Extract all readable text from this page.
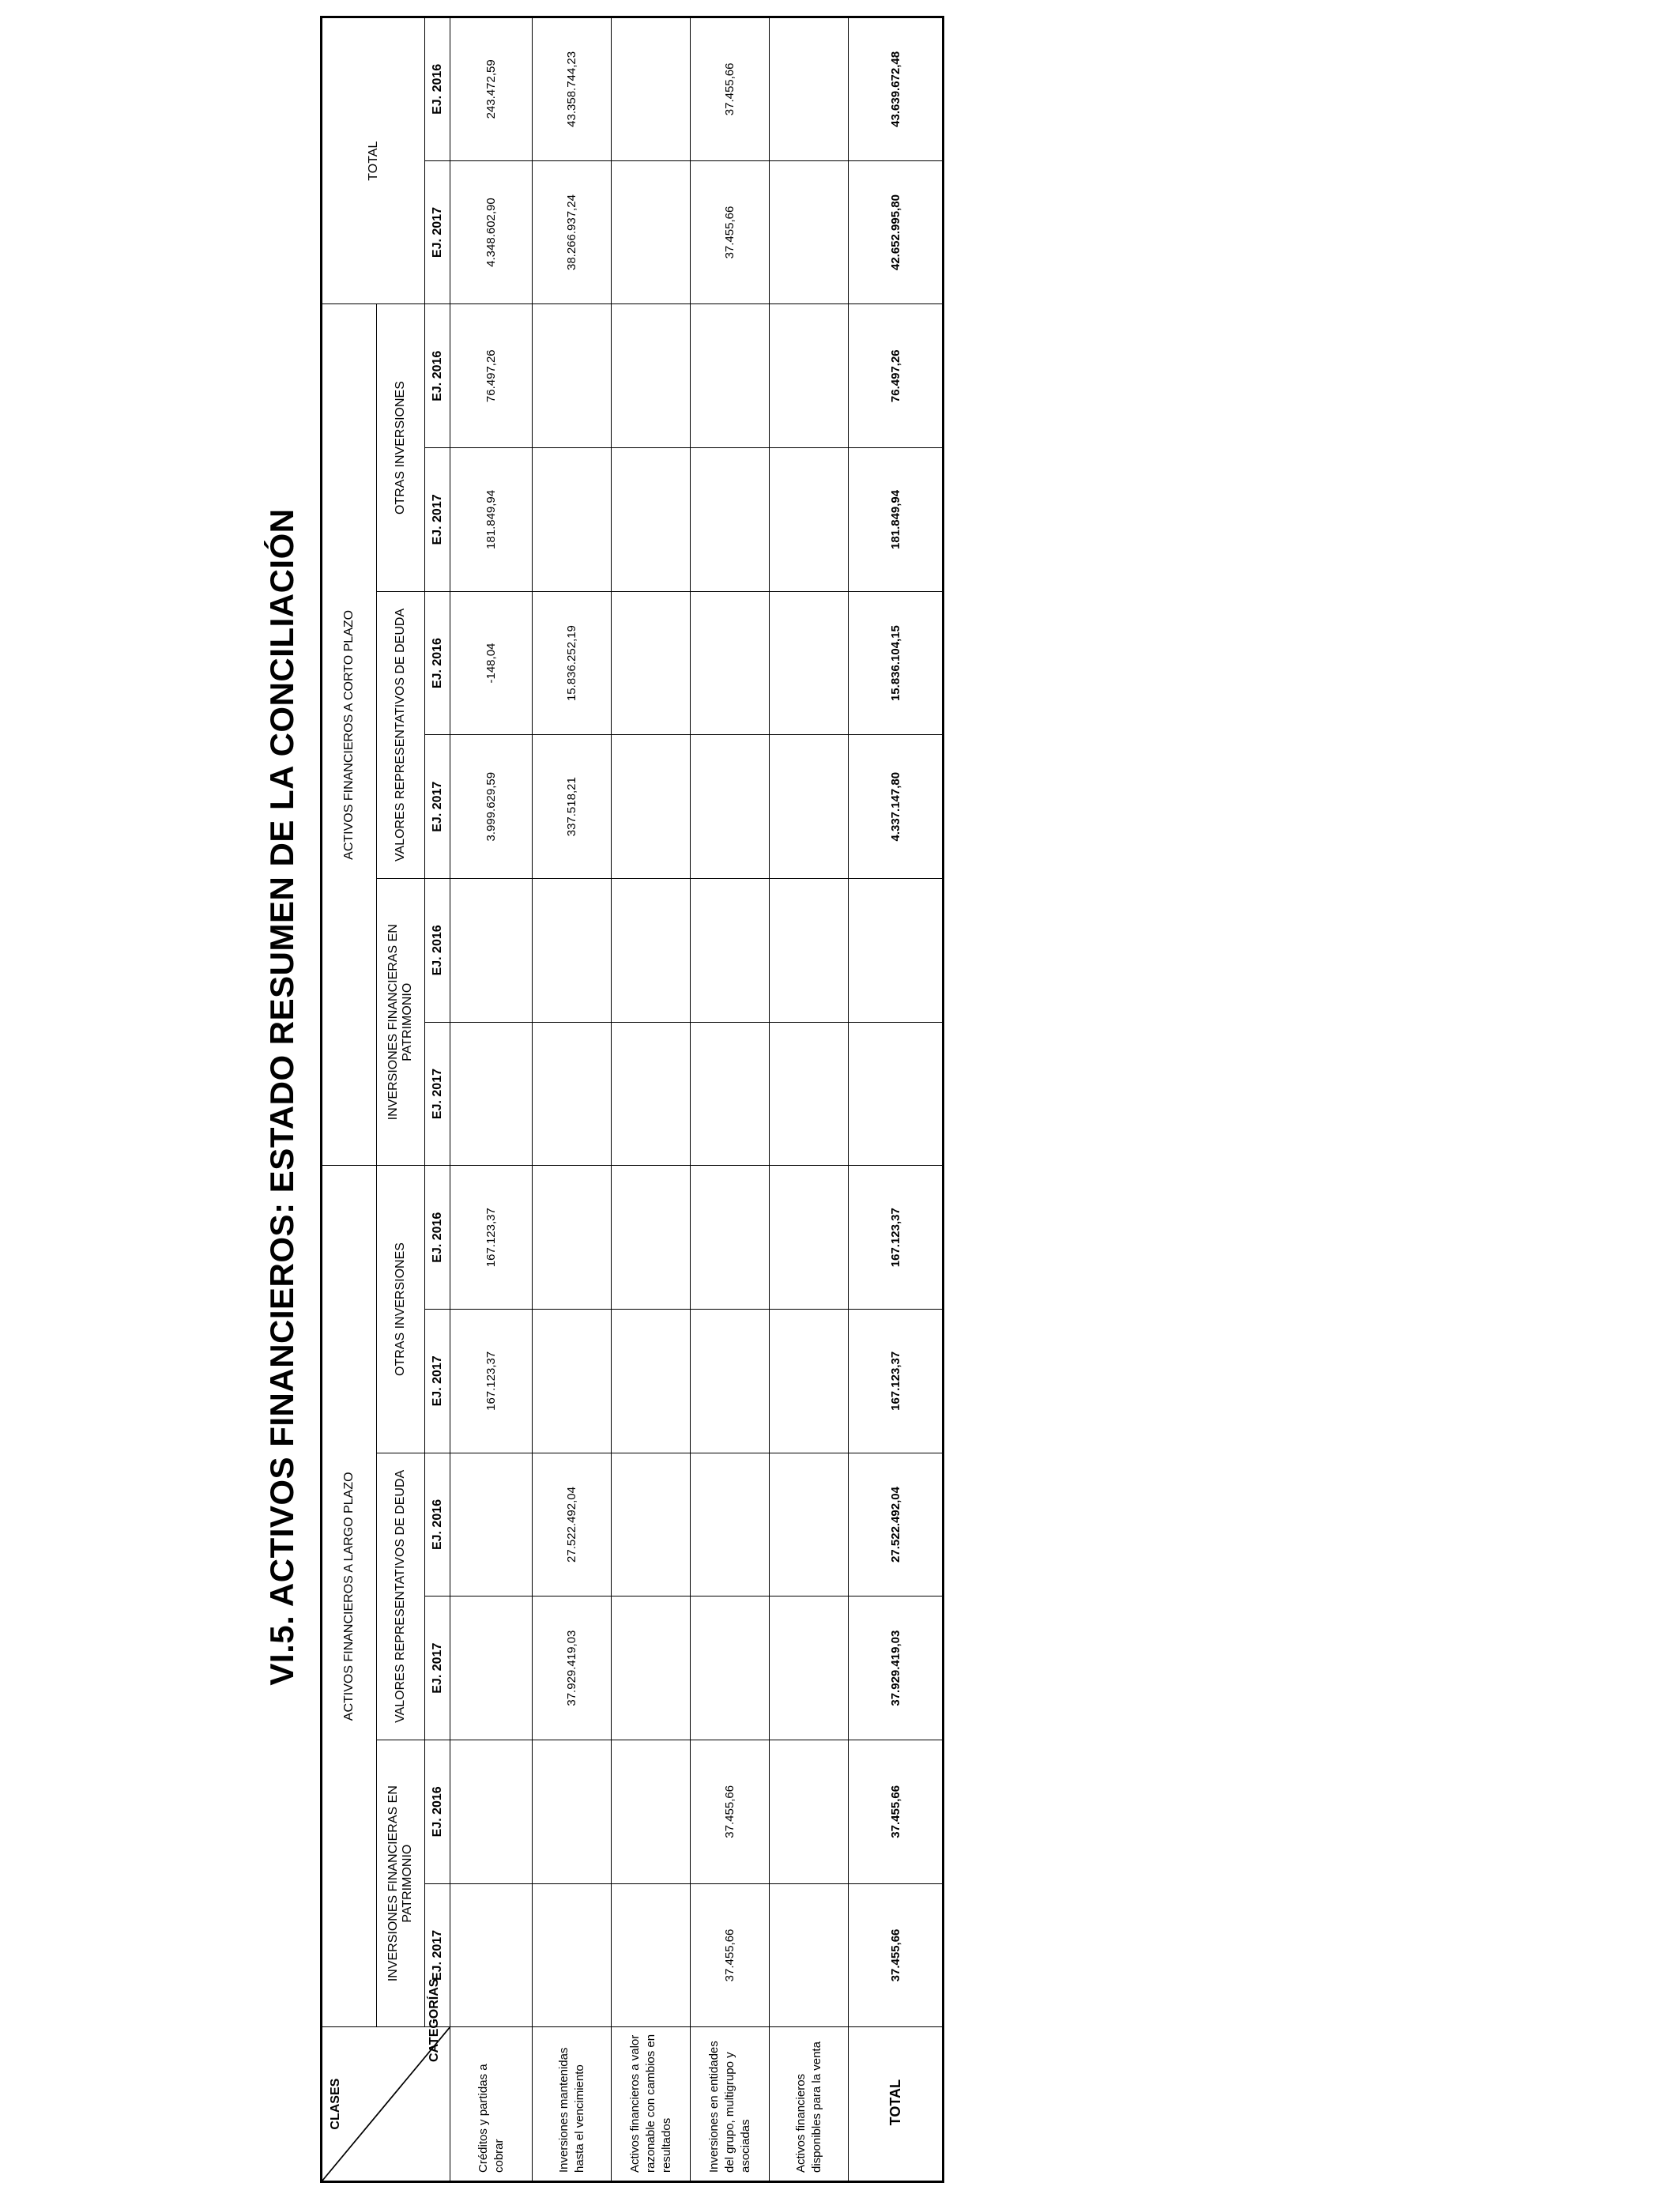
VI.5. ACTIVOS FINANCIEROS: ESTADO RESUMEN DE LA CONCILIACIÓN
CLASES
CATEGORÍAS	ACTIVOS FINANCIEROS A LARGO PLAZO						ACTIVOS FINANCIEROS A CORTO PLAZO						TOTAL	
	INVERSIONES FINANCIERAS EN PATRIMONIO		VALORES REPRESENTATIVOS DE DEUDA		OTRAS INVERSIONES		INVERSIONES FINANCIERAS EN PATRIMONIO		VALORES REPRESENTATIVOS DE DEUDA		OTRAS INVERSIONES			
	EJ. 2017	EJ. 2016	EJ. 2017	EJ. 2016	EJ. 2017	EJ. 2016	EJ. 2017	EJ. 2016	EJ. 2017	EJ. 2016	EJ. 2017	EJ. 2016	EJ. 2017	EJ. 2016
Créditos y partidas a cobrar					167.123,37	167.123,37			3.999.629,59	-148,04	181.849,94	76.497,26	4.348.602,90	243.472,59
Inversiones mantenidas hasta el vencimiento			37.929.419,03	27.522.492,04					337.518,21	15.836.252,19			38.266.937,24	43.358.744,23
Activos financieros a valor razonable con cambios en resultados														
Inversiones en entidades del grupo, multigrupo y asociadas	37.455,66	37.455,66											37.455,66	37.455,66
Activos financieros disponibles para la venta														
TOTAL	37.455,66	37.455,66	37.929.419,03	27.522.492,04	167.123,37	167.123,37			4.337.147,80	15.836.104,15	181.849,94	76.497,26	42.652.995,80	43.639.672,48
